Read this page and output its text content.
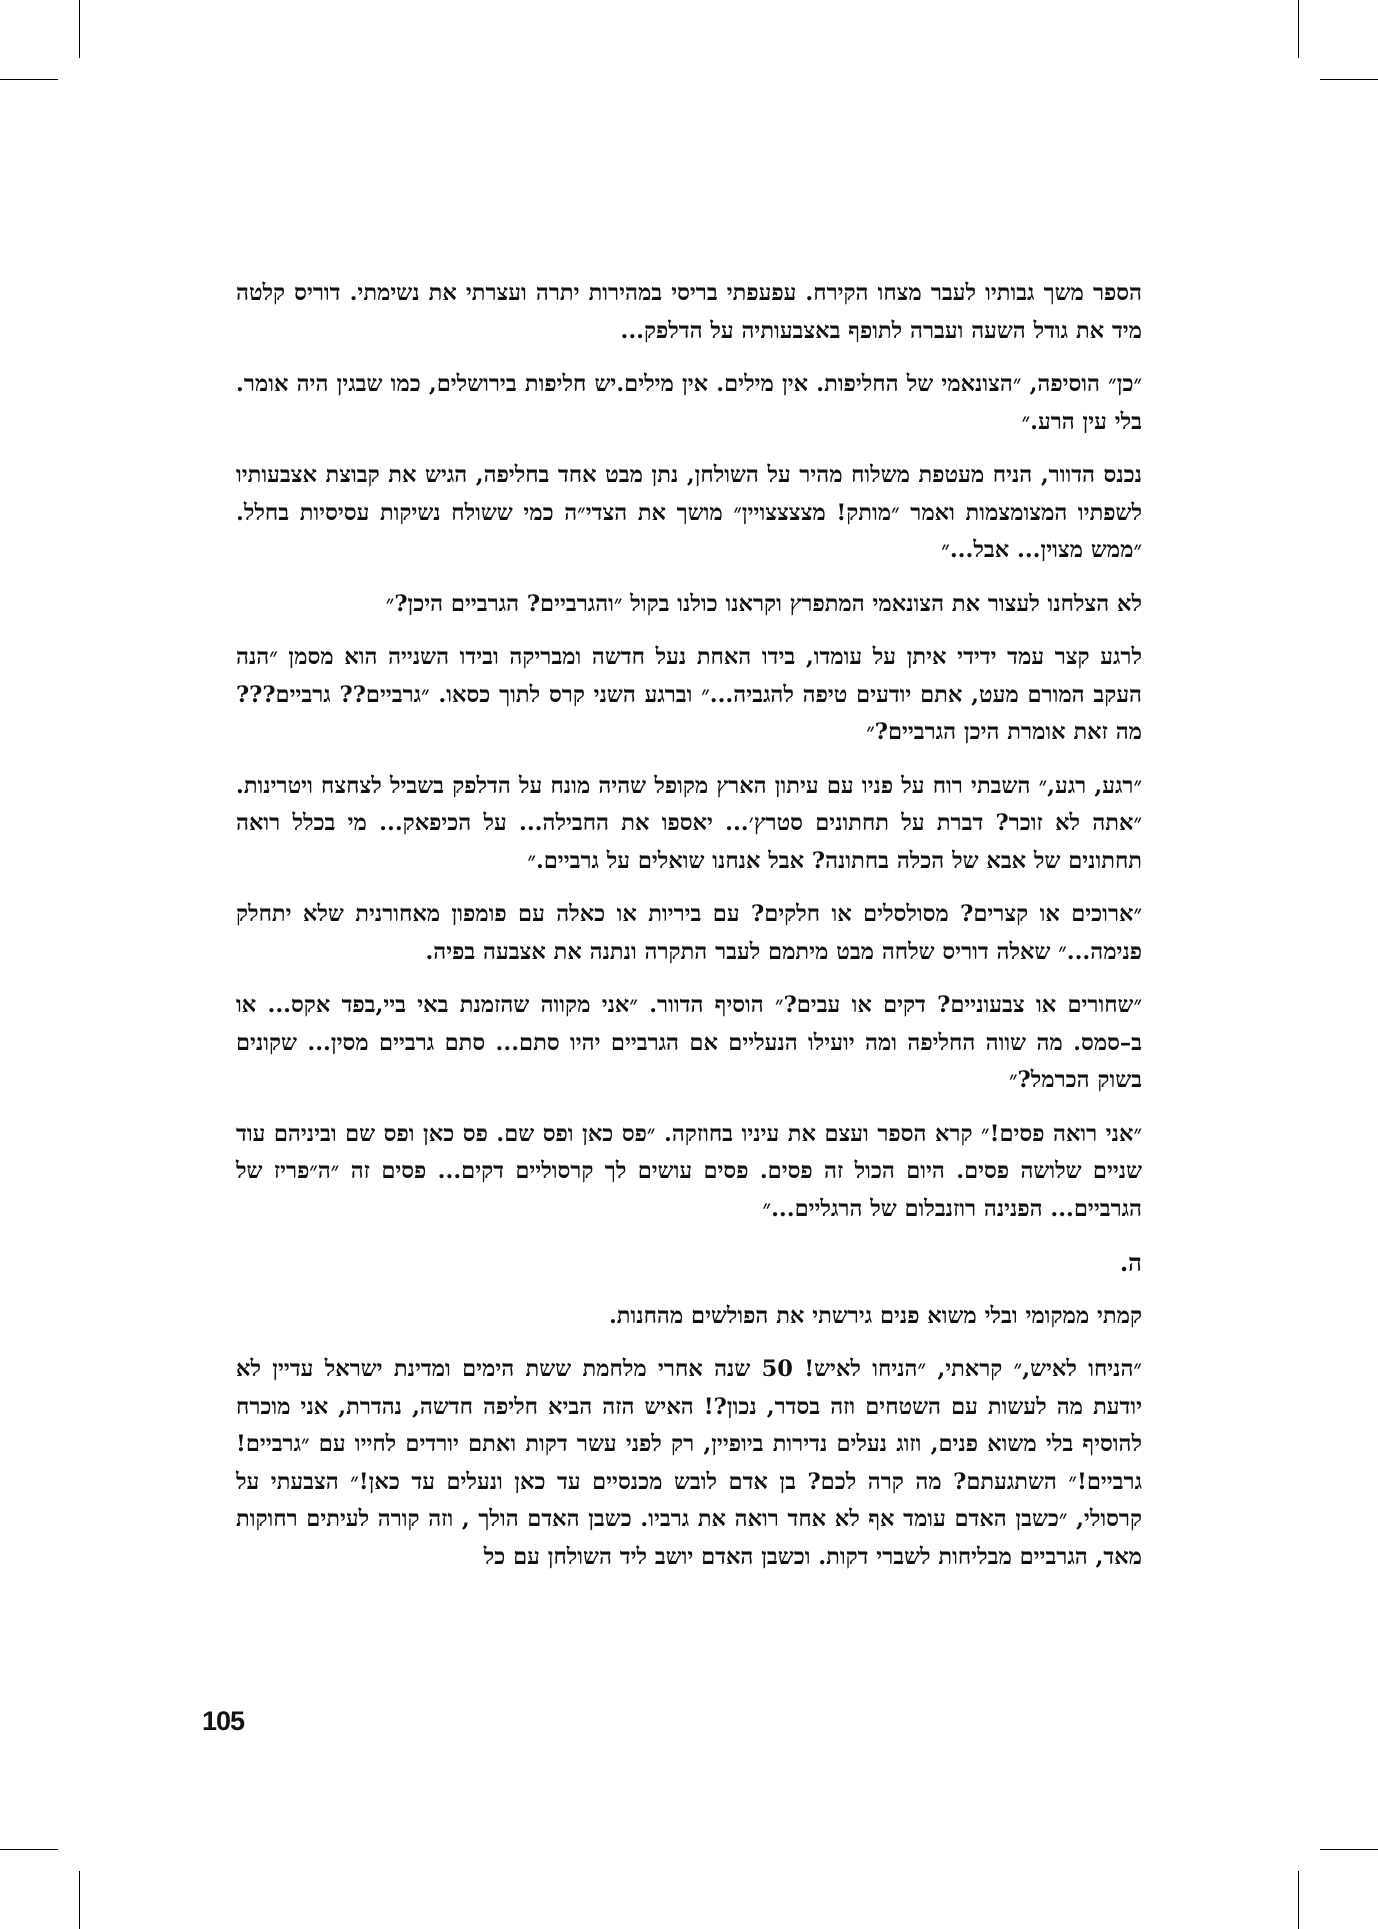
הספר משך גבותיו לעבר מצחו הקירח. עפעפתי בריסי במהירות יתרה ועצרתי את נשימתי. דוריס קלטה מיד את גודל השעה ועברה לתופף באצבעותיה על הדלפק...

״כן״ הוסיפה, ״הצונאמי של החליפות. אין מילים. אין מילים.יש חליפות בירושלים, כמו שבגין היה אומר. בלי עין הרע.״

נכנס הדוור, הניח מעטפת משלוח מהיר על השולחן, נתן מבט אחד בחליפה, הגיש את קבוצת אצבעותיו לשפתיו המצומצמות ואמר ״מותק! מצצצצויין״ מושך את הצדי״ה כמי ששולח נשיקות עסיסיות בחלל. ״ממש מצוין... אבל...״

לא הצלחנו לעצור את הצונאמי המתפרץ וקראנו כולנו בקול ״והגרביים? הגרביים היכן?״

לרגע קצר עמד ידידי איתן על עומדו, בידו האחת נעל חדשה ומבריקה ובידו השנייה הוא מסמן ״הנה העקב המורם מעט, אתם יודעים טיפה להגביה...״ וברגע השני קרס לתוך כסאו. ״גרביים?? גרביים??? מה זאת אומרת היכן הגרביים?״

״רגע, רגע,״ השבתי רוח על פניו עם עיתון הארץ מקופל שהיה מונח על הדלפק בשביל לצחצח ויטרינות. ״אתה לא זוכר? דברת על תחתונים סטרץ׳... יאספו את החבילה... על הכיפאק... מי בכלל רואה תחתונים של אבא של הכלה בחתונה? אבל אנחנו שואלים על גרביים.״

״ארוכים או קצרים? מסולסלים או חלקים? עם ביריות או כאלה עם פומפון מאחורנית שלא יתחלק פנימה...״ שאלה דוריס שלחה מבט מיתמם לעבר התקרה ונתנה את אצבעה בפיה.

״שחורים או צבעוניים? דקים או עבים?״ הוסיף הדוור. ״אני מקווה שהזמנת באי ביי,בפד אקס... או ב–סמס. מה שווה החליפה ומה יועילו הנעליים אם הגרביים יהיו סתם... סתם גרביים מסין... שקונים בשוק הכרמל?״

״אני רואה פסים!״ קרא הספר ועצם את עיניו בחוזקה. ״פס כאן ופס שם. פס כאן ופס שם וביניהם עוד שניים שלושה פסים. היום הכול זה פסים. פסים עושים לך קרסוליים דקים... פסים זה ״ה״פריז של הגרביים... הפנינה רוזנבלום של הרגליים...״

ה.

קמתי ממקומי ובלי משוא פנים גירשתי את הפולשים מהחנות.

״הניחו לאיש,״ קראתי, ״הניחו לאיש! 50 שנה אחרי מלחמת ששת הימים ומדינת ישראל עדיין לא יודעת מה לעשות עם השטחים וזה בסדר, נכון?! האיש הזה הביא חליפה חדשה, נהדרת, אני מוכרח להוסיף בלי משוא פנים, וזוג נעלים נדירות ביופיין, רק לפני עשר דקות ואתם יורדים לחייו עם ״גרביים! גרביים!״ השתגעתם? מה קרה לכם? בן אדם לובש מכנסיים עד כאן ונעלים עד כאן!״ הצבעתי על קרסולי, ״כשבן האדם עומד אף לא אחד רואה את גרביו. כשבן האדם הולך , וזה קורה לעיתים רחוקות מאד, הגרביים מבליחות לשברי דקות. וכשבן האדם יושב ליד השולחן עם כל

105
